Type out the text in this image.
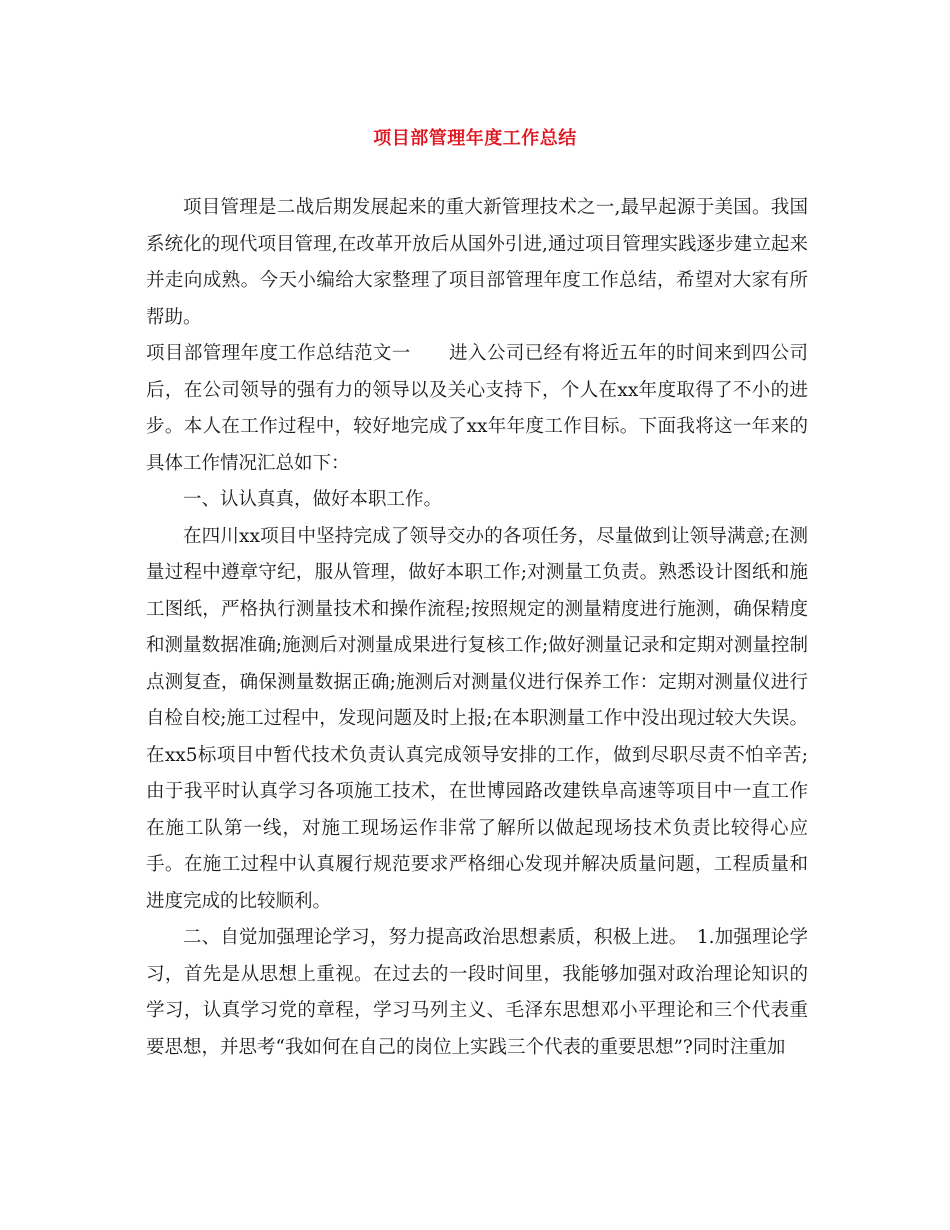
项目部管理年度工作总结

项目管理是二战后期发展起来的重大新管理技术之一,最早起源于美国。我国系统化的现代项目管理,在改革开放后从国外引进,通过项目管理实践逐步建立起来并走向成熟。今天小编给大家整理了项目部管理年度工作总结，希望对大家有所帮助。

项目部管理年度工作总结范文一 进入公司已经有将近五年的时间来到四公司后，在公司领导的强有力的领导以及关心支持下，个人在xx年度取得了不小的进步。本人在工作过程中，较好地完成了xx年年度工作目标。下面我将这一年来的具体工作情况汇总如下：

一、认认真真，做好本职工作。

在四川xx项目中坚持完成了领导交办的各项任务，尽量做到让领导满意;在测量过程中遵章守纪，服从管理，做好本职工作;对测量工负责。熟悉设计图纸和施工图纸，严格执行测量技术和操作流程;按照规定的测量精度进行施测，确保精度和测量数据准确;施测后对测量成果进行复核工作;做好测量记录和定期对测量控制点测复查，确保测量数据正确;施测后对测量仪进行保养工作：定期对测量仪进行自检自校;施工过程中，发现问题及时上报;在本职测量工作中没出现过较大失误。在xx5标项目中暂代技术负责认真完成领导安排的工作，做到尽职尽责不怕辛苦;由于我平时认真学习各项施工技术，在世博园路改建铁阜高速等项目中一直工作在施工队第一线，对施工现场运作非常了解所以做起现场技术负责比较得心应手。在施工过程中认真履行规范要求严格细心发现并解决质量问题，工程质量和进度完成的比较顺利。

二、自觉加强理论学习，努力提高政治思想素质，积极上进。　 1.加强理论学习，首先是从思想上重视。在过去的一段时间里，我能够加强对政治理论知识的学习，认真学习党的章程，学习马列主义、毛泽东思想邓小平理论和三个代表重要思想，并思考“我如何在自己的岗位上实践三个代表的重要思想”?同时注重加
